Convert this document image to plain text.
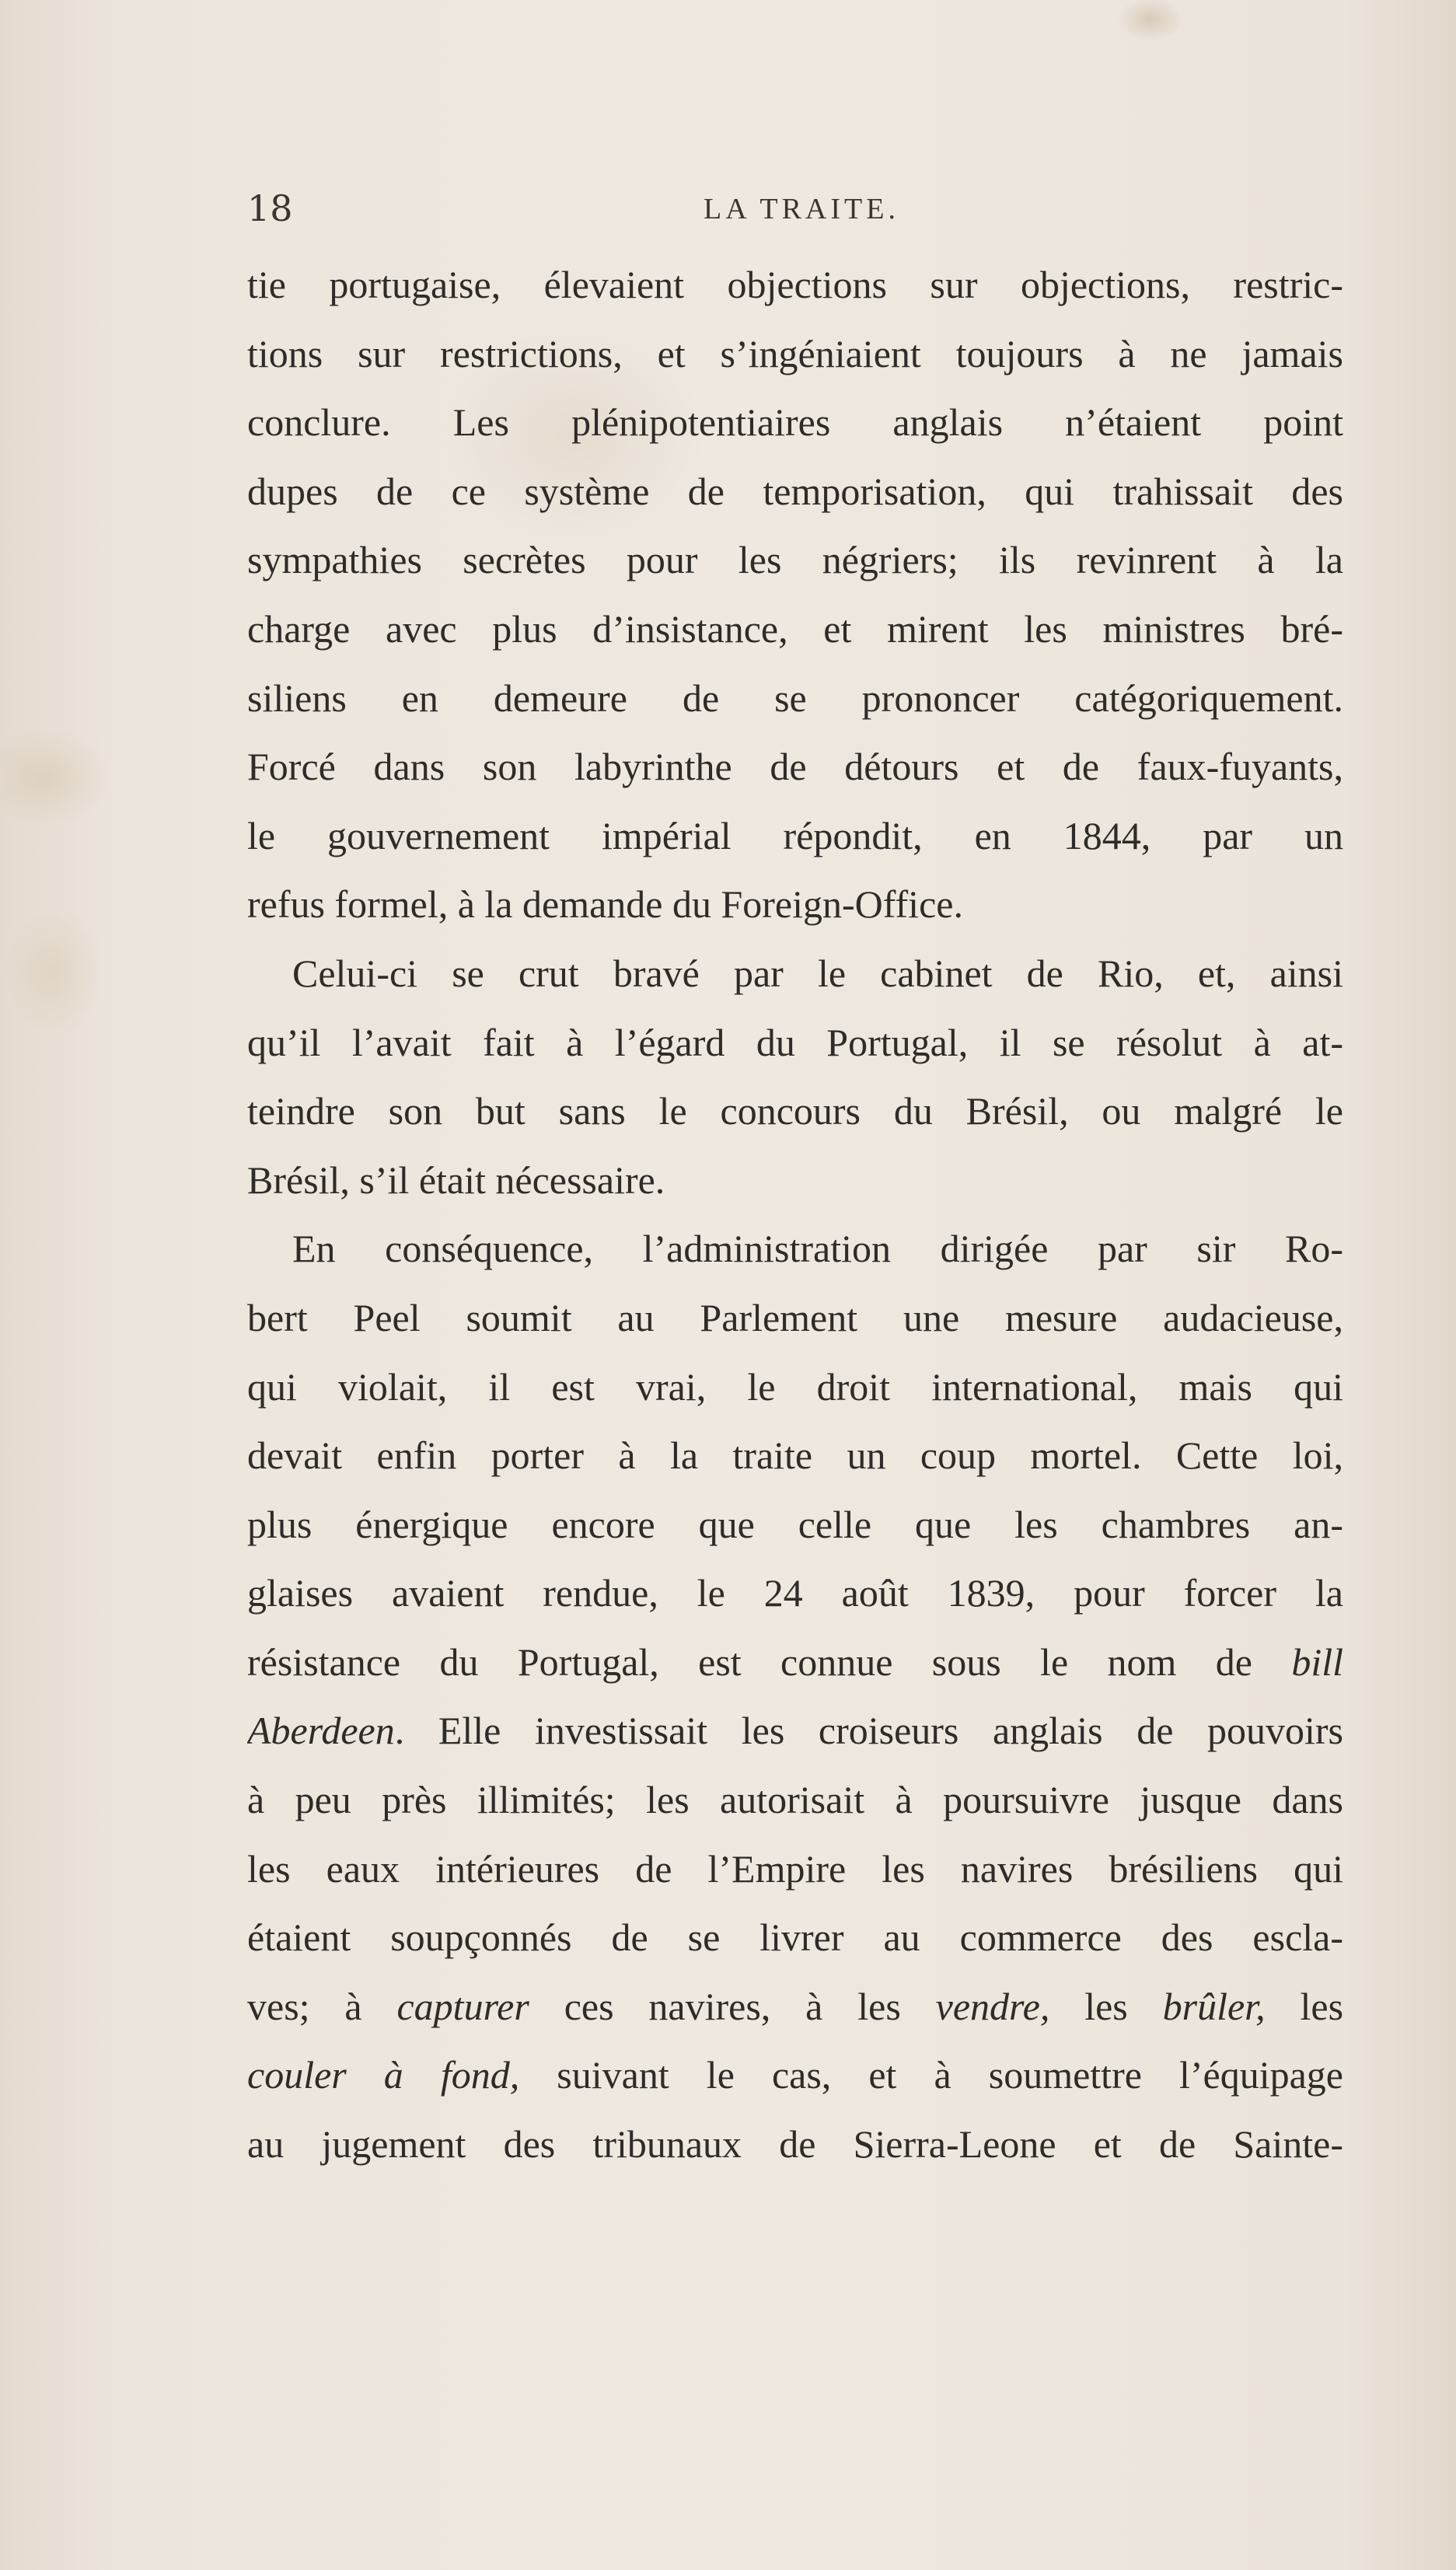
18	LA TRAITE.
tie portugaise, élevaient objections sur objections, restric-
tions sur restrictions, et s’ingéniaient toujours à ne jamais
conclure. Les plénipotentiaires anglais n’étaient point
dupes de ce système de temporisation, qui trahissait des
sympathies secrètes pour les négriers; ils revinrent à la
charge avec plus d’insistance, et mirent les ministres bré-
siliens en demeure de se prononcer catégoriquement.
Forcé dans son labyrinthe de détours et de faux-fuyants,
le gouvernement impérial répondit, en 1844, par un
refus formel, à la demande du Foreign-Office.
Celui-ci se crut bravé par le cabinet de Rio, et, ainsi
qu’il l’avait fait à l’égard du Portugal, il se résolut à at-
teindre son but sans le concours du Brésil, ou malgré le
Brésil, s’il était nécessaire.
En conséquence, l’administration dirigée par sir Ro-
bert Peel soumit au Parlement une mesure audacieuse,
qui violait, il est vrai, le droit international, mais qui
devait enfin porter à la traite un coup mortel. Cette loi,
plus énergique encore que celle que les chambres an-
glaises avaient rendue, le 24 août 1839, pour forcer la
résistance du Portugal, est connue sous le nom de bill
Aberdeen. Elle investissait les croiseurs anglais de pouvoirs
à peu près illimités; les autorisait à poursuivre jusque dans
les eaux intérieures de l’Empire les navires brésiliens qui
étaient soupçonnés de se livrer au commerce des escla-
ves; à capturer ces navires, à les vendre, les brûler, les
couler à fond, suivant le cas, et à soumettre l’équipage
au jugement des tribunaux de Sierra-Leone et de Sainte-
